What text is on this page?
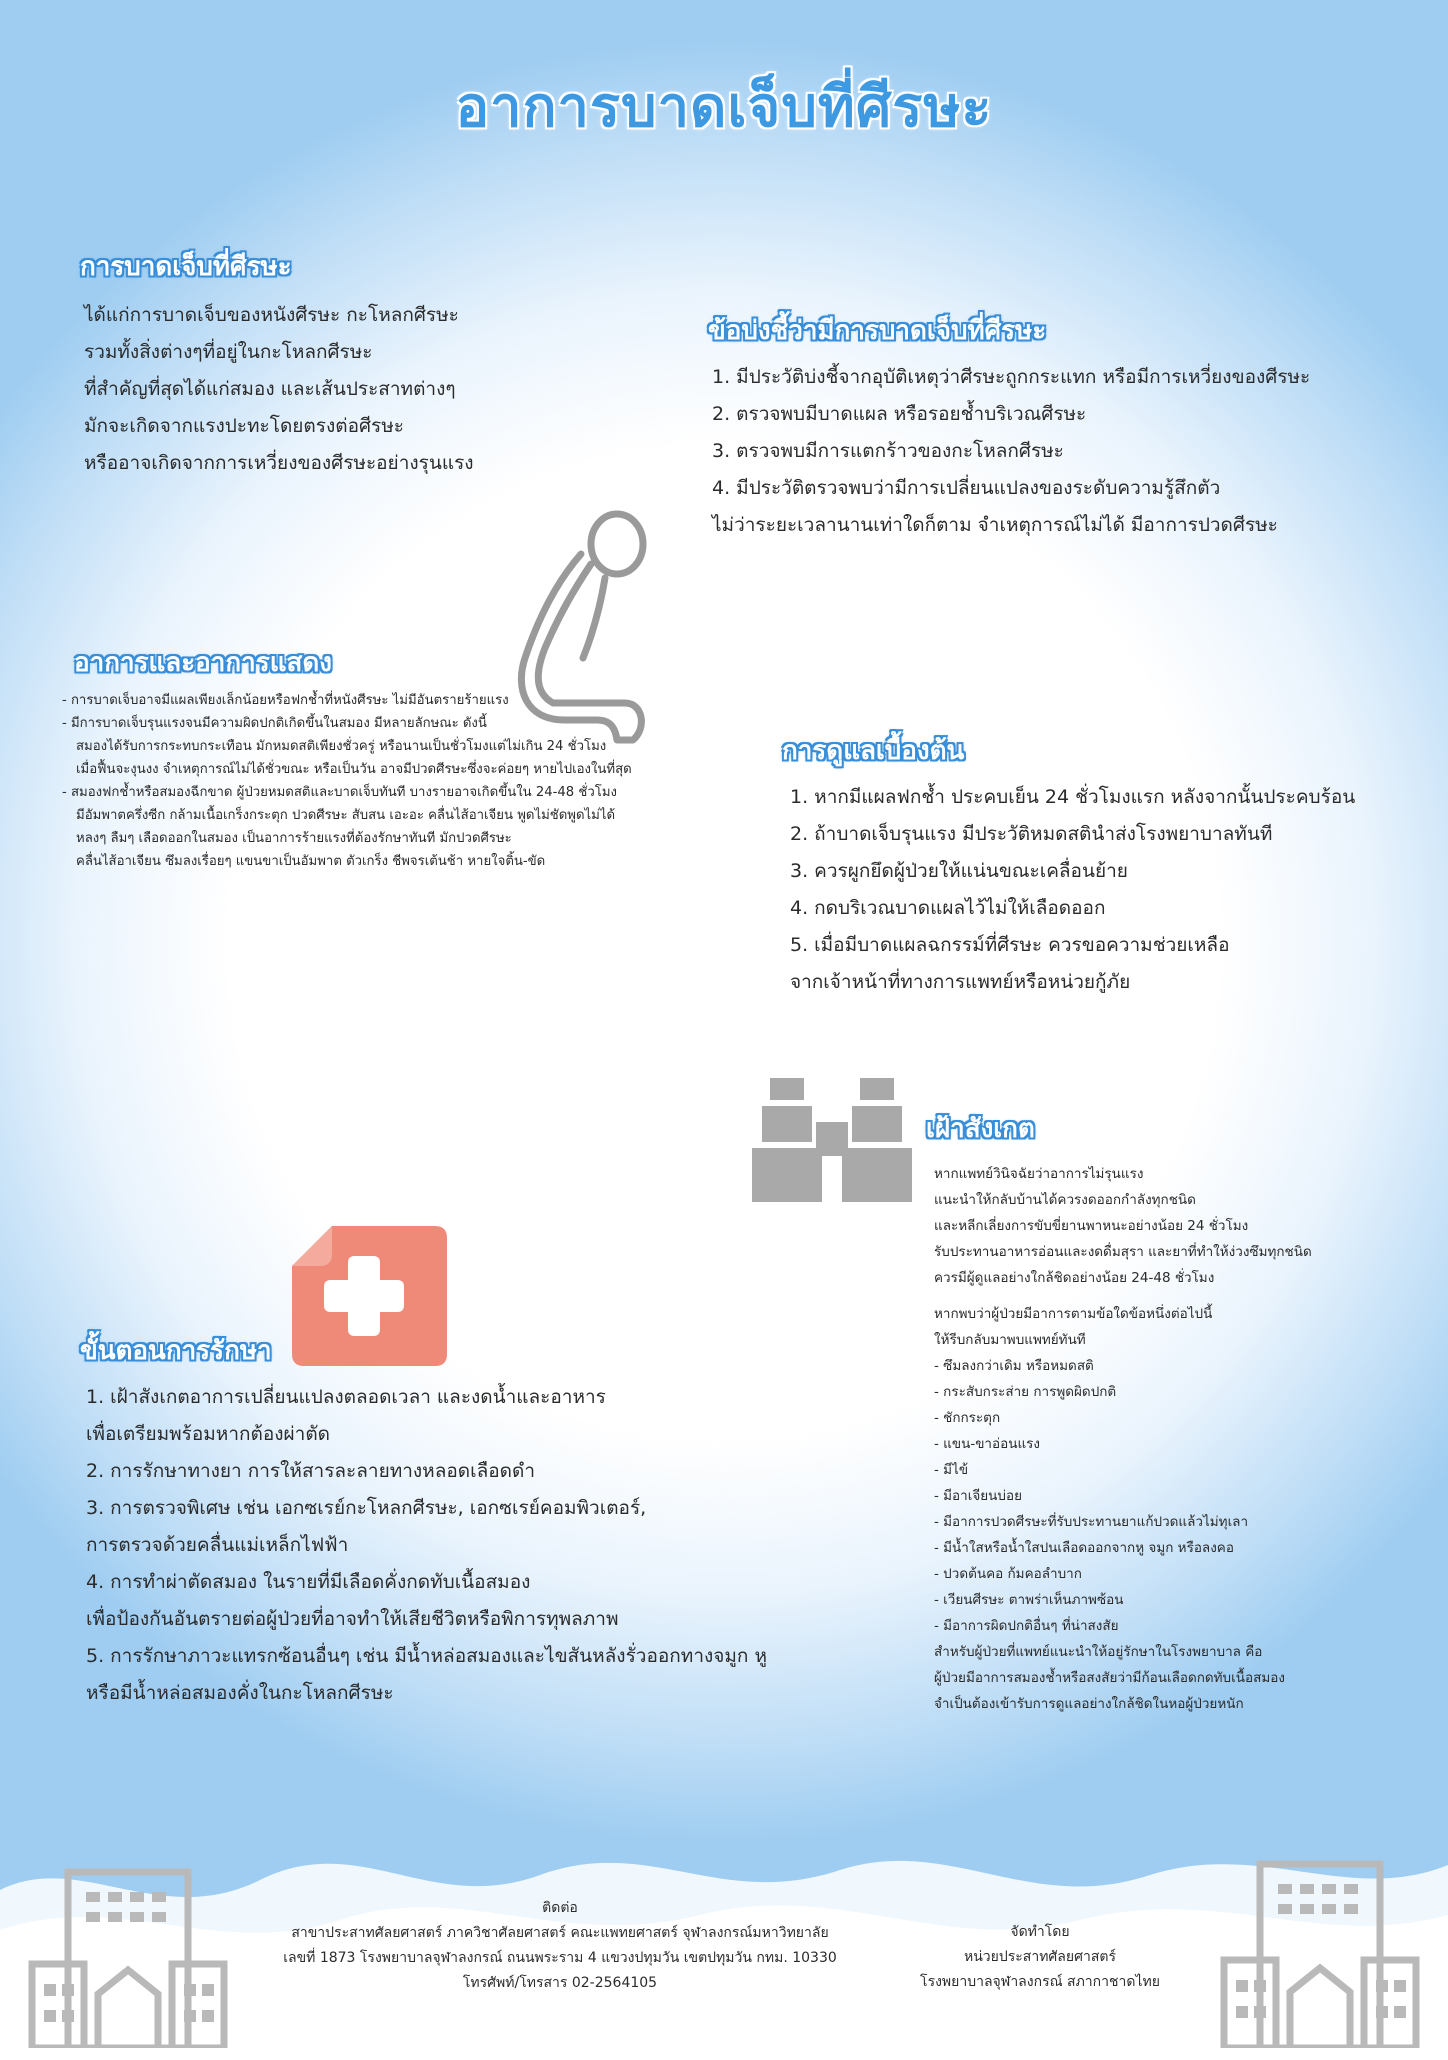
อาการบาดเจ็บที่ศีรษะ
การบาดเจ็บที่ศีรษะ
ได้แก่การบาดเจ็บของหนังศีรษะ กะโหลกศีรษะ
รวมทั้งสิ่งต่างๆที่อยู่ในกะโหลกศีรษะ
ที่สำคัญที่สุดได้แก่สมอง และเส้นประสาทต่างๆ
มักจะเกิดจากแรงปะทะโดยตรงต่อศีรษะ
หรืออาจเกิดจากการเหวี่ยงของศีรษะอย่างรุนแรง
ข้อบ่งชี้ว่ามีการบาดเจ็บที่ศีรษะ
1. มีประวัติบ่งชี้จากอุบัติเหตุว่าศีรษะถูกกระแทก หรือมีการเหวี่ยงของศีรษะ
2. ตรวจพบมีบาดแผล หรือรอยช้ำบริเวณศีรษะ
3. ตรวจพบมีการแตกร้าวของกะโหลกศีรษะ
4. มีประวัติตรวจพบว่ามีการเปลี่ยนแปลงของระดับความรู้สึกตัว
ไม่ว่าระยะเวลานานเท่าใดก็ตาม จำเหตุการณ์ไม่ได้ มีอาการปวดศีรษะ
อาการและอาการแสดง
- การบาดเจ็บอาจมีแผลเพียงเล็กน้อยหรือฟกช้ำที่หนังศีรษะ ไม่มีอันตรายร้ายแรง
- มีการบาดเจ็บรุนแรงจนมีความผิดปกติเกิดขึ้นในสมอง มีหลายลักษณะ ดังนี้
สมองได้รับการกระทบกระเทือน มักหมดสติเพียงชั่วครู่ หรือนานเป็นชั่วโมงแต่ไม่เกิน 24 ชั่วโมง
เมื่อฟื้นจะงุนงง จำเหตุการณ์ไม่ได้ชั่วขณะ หรือเป็นวัน อาจมีปวดศีรษะซึ่งจะค่อยๆ หายไปเองในที่สุด
- สมองฟกช้ำหรือสมองฉีกขาด ผู้ป่วยหมดสติและบาดเจ็บทันที บางรายอาจเกิดขึ้นใน 24-48 ชั่วโมง
มีอัมพาตครึ่งซีก กล้ามเนื้อเกร็งกระตุก ปวดศีรษะ สับสน เอะอะ คลื่นไส้อาเจียน พูดไม่ชัดพูดไม่ได้
หลงๆ ลืมๆ เลือดออกในสมอง เป็นอาการร้ายแรงที่ต้องรักษาทันที มักปวดศีรษะ
คลื่นไส้อาเจียน ซึมลงเรื่อยๆ แขนขาเป็นอัมพาต ตัวเกร็ง ชีพจรเต้นช้า หายใจติ้น-ขัด
การดูแลเบื้องต้น
1. หากมีแผลฟกช้ำ ประคบเย็น 24 ชั่วโมงแรก หลังจากนั้นประคบร้อน
2. ถ้าบาดเจ็บรุนแรง มีประวัติหมดสตินำส่งโรงพยาบาลทันที
3. ควรผูกยึดผู้ป่วยให้แน่นขณะเคลื่อนย้าย
4. กดบริเวณบาดแผลไว้ไม่ให้เลือดออก
5. เมื่อมีบาดแผลฉกรรม์ที่ศีรษะ ควรขอความช่วยเหลือ
จากเจ้าหน้าที่ทางการแพทย์หรือหน่วยกู้ภัย
เฝ้าสังเกต
หากแพทย์วินิจฉัยว่าอาการไม่รุนแรง
แนะนำให้กลับบ้านได้ควรงดออกกำลังทุกชนิด
และหลีกเลี่ยงการขับขี่ยานพาหนะอย่างน้อย 24 ชั่วโมง
รับประทานอาหารอ่อนและงดดื่มสุรา และยาที่ทำให้ง่วงซึมทุกชนิด
ควรมีผู้ดูแลอย่างใกล้ชิดอย่างน้อย 24-48 ชั่วโมง
หากพบว่าผู้ป่วยมีอาการตามข้อใดข้อหนึ่งต่อไปนี้
ให้รีบกลับมาพบแพทย์ทันที
- ซึมลงกว่าเดิม หรือหมดสติ
- กระสับกระส่าย การพูดผิดปกติ
- ชักกระตุก
- แขน-ขาอ่อนแรง
- มีไข้
- มีอาเจียนบ่อย
- มีอาการปวดศีรษะที่รับประทานยาแก้ปวดแล้วไม่ทุเลา
- มีน้ำใสหรือน้ำใสปนเลือดออกจากหู จมูก หรือลงคอ
- ปวดต้นคอ ก้มคอลำบาก
- เวียนศีรษะ ตาพร่าเห็นภาพซ้อน
- มีอาการผิดปกติอื่นๆ ที่น่าสงสัย
สำหรับผู้ป่วยที่แพทย์แนะนำให้อยู่รักษาในโรงพยาบาล คือ
ผู้ป่วยมีอาการสมองช้ำหรือสงสัยว่ามีก้อนเลือดกดทับเนื้อสมอง
จำเป็นต้องเข้ารับการดูแลอย่างใกล้ชิดในหอผู้ป่วยหนัก
ขั้นตอนการรักษา
1. เฝ้าสังเกตอาการเปลี่ยนแปลงตลอดเวลา และงดน้ำและอาหาร
เพื่อเตรียมพร้อมหากต้องผ่าตัด
2. การรักษาทางยา การให้สารละลายทางหลอดเลือดดำ
3. การตรวจพิเศษ เช่น เอกซเรย์กะโหลกศีรษะ, เอกซเรย์คอมพิวเตอร์,
การตรวจด้วยคลื่นแม่เหล็กไฟฟ้า
4. การทำผ่าตัดสมอง ในรายที่มีเลือดคั่งกดทับเนื้อสมอง
เพื่อป้องกันอันตรายต่อผู้ป่วยที่อาจทำให้เสียชีวิตหรือพิการทุพลภาพ
5. การรักษาภาวะแทรกซ้อนอื่นๆ เช่น มีน้ำหล่อสมองและไขสันหลังรั่วออกทางจมูก หู
หรือมีน้ำหล่อสมองคั่งในกะโหลกศีรษะ
ติดต่อ
สาขาประสาทศัลยศาสตร์ ภาควิชาศัลยศาสตร์ คณะแพทยศาสตร์ จุฬาลงกรณ์มหาวิทยาลัย
เลขที่ 1873 โรงพยาบาลจุฬาลงกรณ์ ถนนพระราม 4 แขวงปทุมวัน เขตปทุมวัน กทม. 10330
โทรศัพท์/โทรสาร 02-2564105
จัดทำโดย
หน่วยประสาทศัลยศาสตร์
โรงพยาบาลจุฬาลงกรณ์ สภากาชาดไทย
